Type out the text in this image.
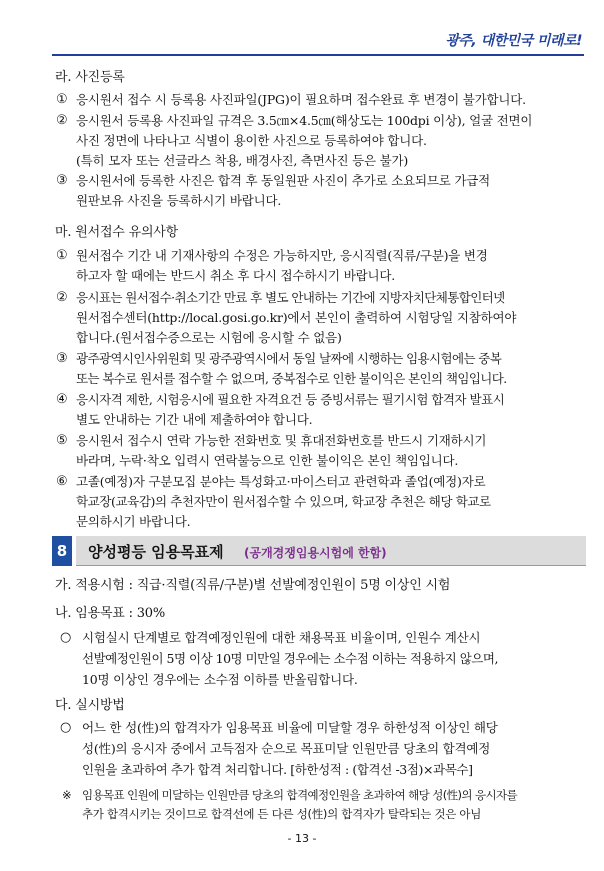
광주, 대한민국 미래로!
라. 사진등록
① 응시원서 접수 시 등록용 사진파일(JPG)이 필요하며 접수완료 후 변경이 불가합니다.
② 응시원서 등록용 사진파일 규격은 3.5㎝×4.5㎝(해상도는 100dpi 이상), 얼굴 전면이
사진 정면에 나타나고 식별이 용이한 사진으로 등록하여야 합니다.
(특히 모자 또는 선글라스 착용, 배경사진, 측면사진 등은 불가)
③ 응시원서에 등록한 사진은 합격 후 동일원판 사진이 추가로 소요되므로 가급적
원판보유 사진을 등록하시기 바랍니다.
마. 원서접수 유의사항
① 원서접수 기간 내 기재사항의 수정은 가능하지만, 응시직렬(직류/구분)을 변경
하고자 할 때에는 반드시 취소 후 다시 접수하시기 바랍니다.
② 응시표는 원서접수·취소기간 만료 후 별도 안내하는 기간에 지방자치단체통합인터넷
원서접수센터(http://local.gosi.go.kr)에서 본인이 출력하여 시험당일 지참하여야
합니다.(원서접수증으로는 시험에 응시할 수 없음)
③ 광주광역시인사위원회 및 광주광역시에서 동일 날짜에 시행하는 임용시험에는 중복
또는 복수로 원서를 접수할 수 없으며, 중복접수로 인한 불이익은 본인의 책임입니다.
④ 응시자격 제한, 시험응시에 필요한 자격요건 등 증빙서류는 필기시험 합격자 발표시
별도 안내하는 기간 내에 제출하여야 합니다.
⑤ 응시원서 접수시 연락 가능한 전화번호 및 휴대전화번호를 반드시 기재하시기
바라며, 누락·착오 입력시 연락불능으로 인한 불이익은 본인 책임입니다.
⑥ 고졸(예정)자 구분모집 분야는 특성화고·마이스터고 관련학과 졸업(예정)자로
학교장(교육감)의 추천자만이 원서접수할 수 있으며, 학교장 추천은 해당 학교로
문의하시기 바랍니다.
8	양성평등 임용목표제 (공개경쟁임용시험에 한함)
가. 적용시험 : 직급·직렬(직류/구분)별 선발예정인원이 5명 이상인 시험
나. 임용목표 : 30%
○ 시험실시 단계별로 합격예정인원에 대한 채용목표 비율이며, 인원수 계산시
선발예정인원이 5명 이상 10명 미만일 경우에는 소수점 이하는 적용하지 않으며,
10명 이상인 경우에는 소수점 이하를 반올림합니다.
다. 실시방법
○ 어느 한 성(性)의 합격자가 임용목표 비율에 미달할 경우 하한성적 이상인 해당
성(性)의 응시자 중에서 고득점자 순으로 목표미달 인원만큼 당초의 합격예정
인원을 초과하여 추가 합격 처리합니다. [하한성적 : (합격선 -3점)×과목수]
※ 임용목표 인원에 미달하는 인원만큼 당초의 합격예정인원을 초과하여 해당 성(性)의 응시자를
추가 합격시키는 것이므로 합격선에 든 다른 성(性)의 합격자가 탈락되는 것은 아님
- 13 -
